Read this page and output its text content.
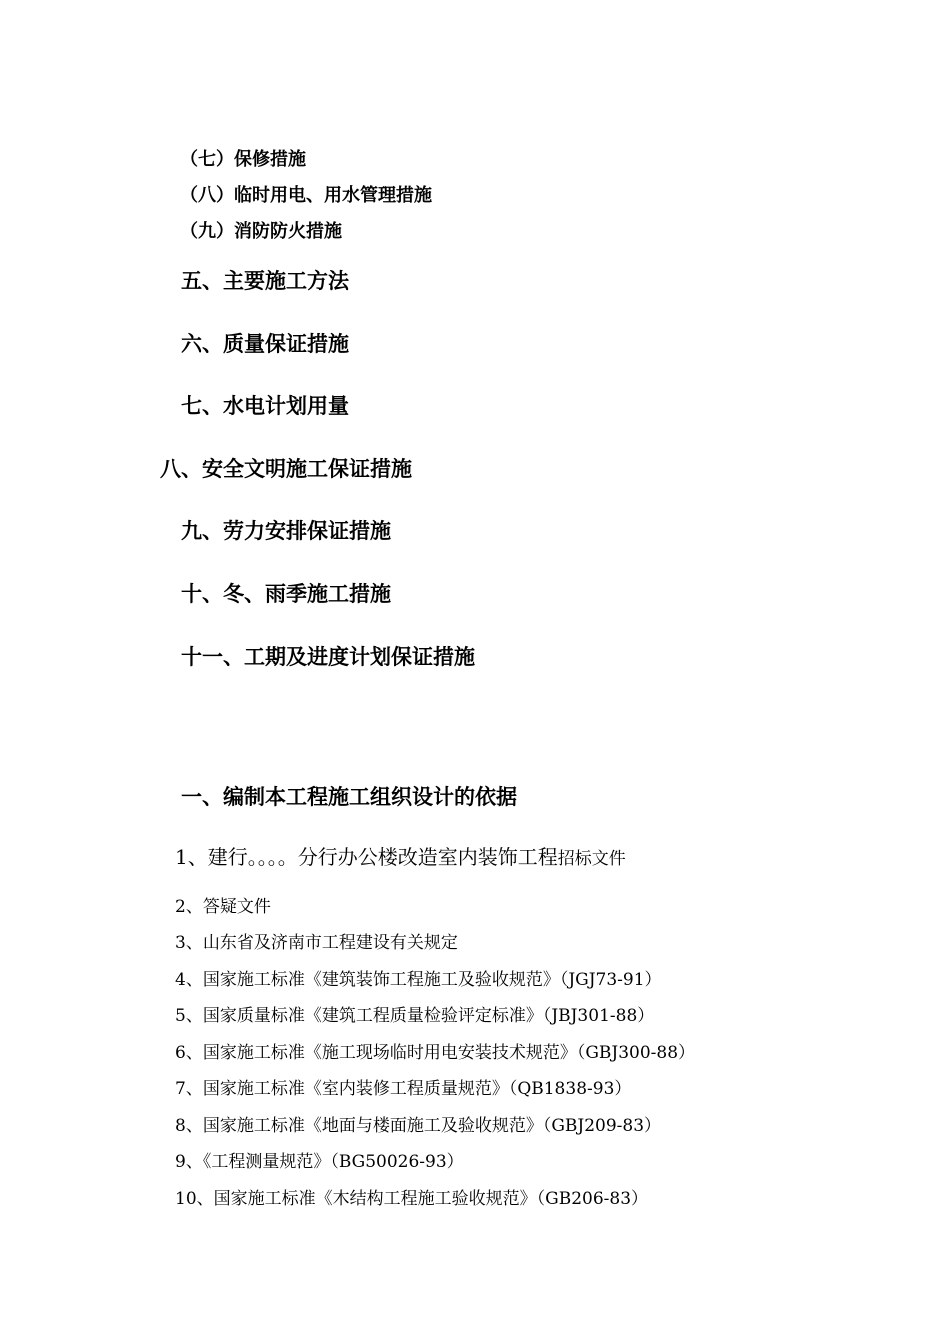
（七）保修措施
（八）临时用电、用水管理措施
（九）消防防火措施
五、主要施工方法
六、质量保证措施
七、水电计划用量
八、安全文明施工保证措施
九、劳力安排保证措施
十、冬、雨季施工措施
十一、工期及进度计划保证措施
一、编制本工程施工组织设计的依据
1、建行。。。。分行办公楼改造室内装饰工程招标文件
2、答疑文件
3、山东省及济南市工程建设有关规定
4、国家施工标准《建筑装饰工程施工及验收规范》（JGJ73-91）
5、国家质量标准《建筑工程质量检验评定标准》（JBJ301-88）
6、国家施工标准《施工现场临时用电安装技术规范》（GBJ300-88）
7、国家施工标准《室内装修工程质量规范》（QB1838-93）
8、国家施工标准《地面与楼面施工及验收规范》（GBJ209-83）
9、《工程测量规范》（BG50026-93）
10、国家施工标准《木结构工程施工验收规范》（GB206-83）
